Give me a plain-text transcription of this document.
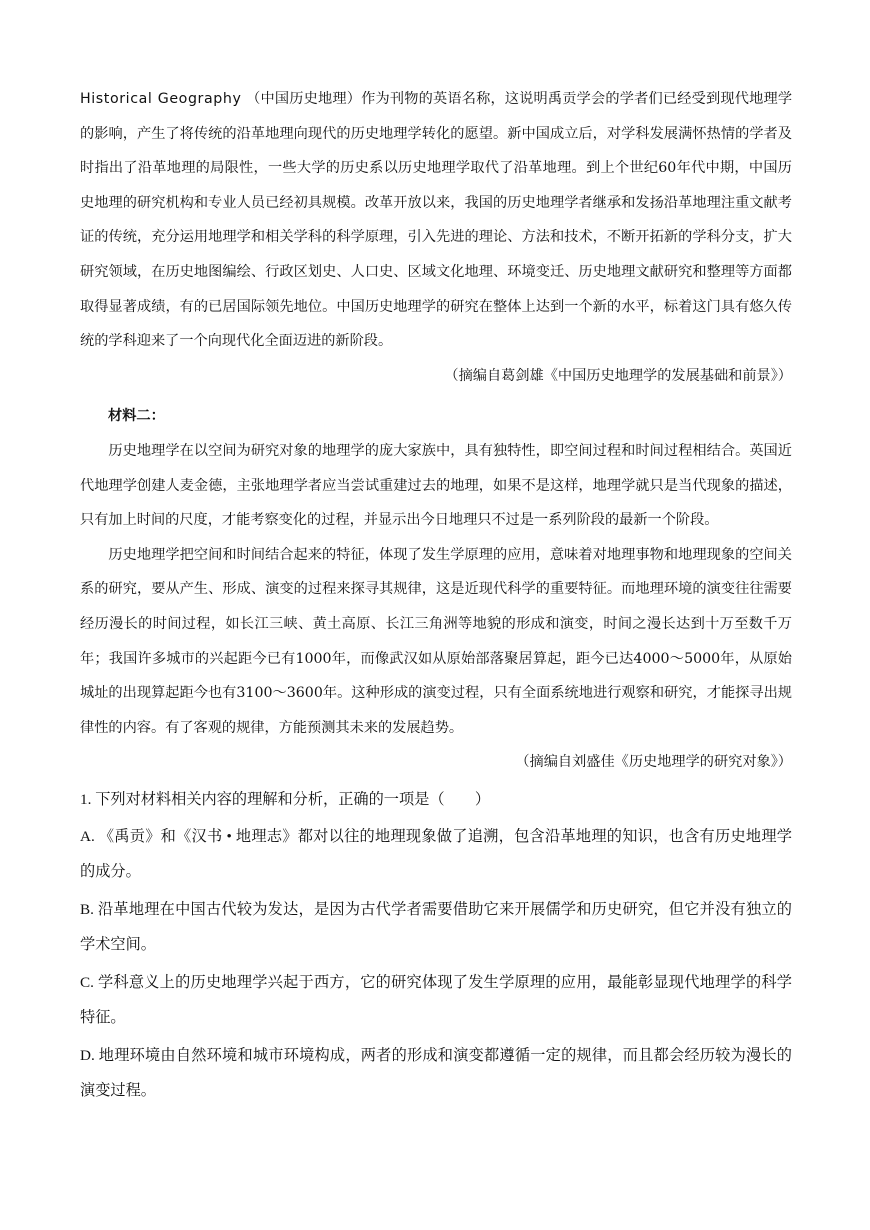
Historical Geography （中国历史地理）作为刊物的英语名称，这说明禹贡学会的学者们已经受到现代地理学的影响，产生了将传统的沿革地理向现代的历史地理学转化的愿望。新中国成立后，对学科发展满怀热情的学者及时指出了沿革地理的局限性，一些大学的历史系以历史地理学取代了沿革地理。到上个世纪60年代中期，中国历史地理的研究机构和专业人员已经初具规模。改革开放以来，我国的历史地理学者继承和发扬沿革地理注重文献考证的传统，充分运用地理学和相关学科的科学原理，引入先进的理论、方法和技术，不断开拓新的学科分支，扩大研究领域，在历史地图编绘、行政区划史、人口史、区域文化地理、环境变迁、历史地理文献研究和整理等方面都取得显著成绩，有的已居国际领先地位。中国历史地理学的研究在整体上达到一个新的水平，标着这门具有悠久传统的学科迎来了一个向现代化全面迈进的新阶段。

（摘编自葛剑雄《中国历史地理学的发展基础和前景》）

材料二：

历史地理学在以空间为研究对象的地理学的庞大家族中，具有独特性，即空间过程和时间过程相结合。英国近代地理学创建人麦金德，主张地理学者应当尝试重建过去的地理，如果不是这样，地理学就只是当代现象的描述，只有加上时间的尺度，才能考察变化的过程，并显示出今日地理只不过是一系列阶段的最新一个阶段。

历史地理学把空间和时间结合起来的特征，体现了发生学原理的应用，意味着对地理事物和地理现象的空间关系的研究，要从产生、形成、演变的过程来探寻其规律，这是近现代科学的重要特征。而地理环境的演变往往需要经历漫长的时间过程，如长江三峡、黄土高原、长江三角洲等地貌的形成和演变，时间之漫长达到十万至数千万年；我国许多城市的兴起距今已有1000年，而像武汉如从原始部落聚居算起，距今已达4000～5000年，从原始城址的出现算起距今也有3100～3600年。这种形成的演变过程，只有全面系统地进行观察和研究，才能探寻出规律性的内容。有了客观的规律，方能预测其未来的发展趋势。

（摘编自刘盛佳《历史地理学的研究对象》）

1. 下列对材料相关内容的理解和分析，正确的一项是（　　）

A. 《禹贡》和《汉书 • 地理志》都对以往的地理现象做了追溯，包含沿革地理的知识，也含有历史地理学的成分。

B. 沿革地理在中国古代较为发达，是因为古代学者需要借助它来开展儒学和历史研究，但它并没有独立的学术空间。

C. 学科意义上的历史地理学兴起于西方，它的研究体现了发生学原理的应用，最能彰显现代地理学的科学特征。

D. 地理环境由自然环境和城市环境构成，两者的形成和演变都遵循一定的规律，而且都会经历较为漫长的演变过程。
